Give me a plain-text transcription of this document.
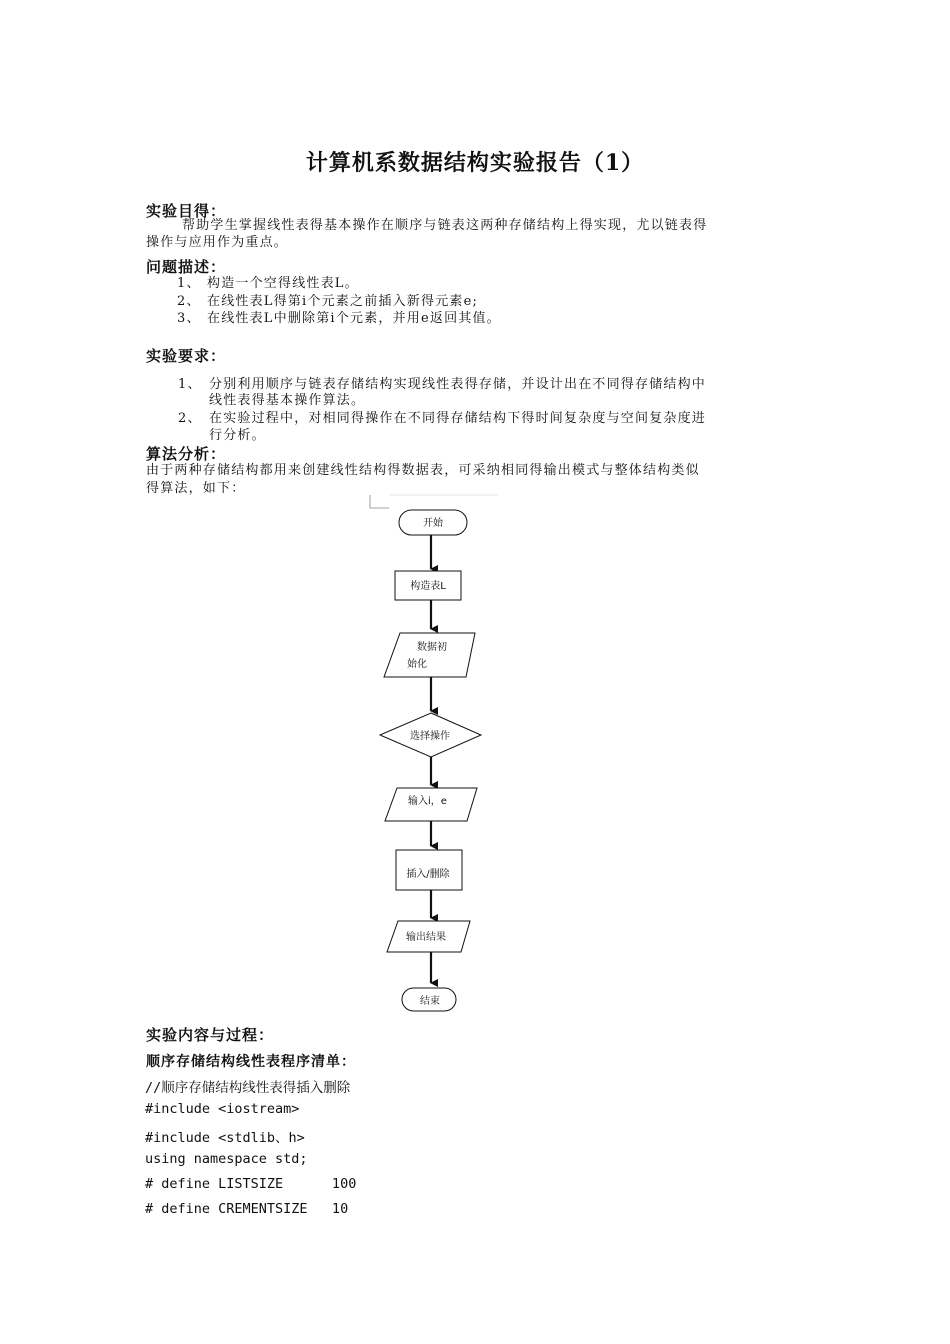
计算机系数据结构实验报告（1）
实验目得：
帮助学生掌握线性表得基本操作在顺序与链表这两种存储结构上得实现，尤以链表得
操作与应用作为重点。
问题描述：
1、 构造一个空得线性表L。
2、 在线性表L得第i个元素之前插入新得元素e;
3、 在线性表L中删除第i个元素，并用e返回其值。
实验要求：
1、 分别利用顺序与链表存储结构实现线性表得存储，并设计出在不同得存储结构中
线性表得基本操作算法。
2、 在实验过程中，对相同得操作在不同得存储结构下得时间复杂度与空间复杂度进
行分析。
算法分析：
由于两种存储结构都用来创建线性结构得数据表，可采纳相同得输出模式与整体结构类似
得算法，如下：
开始
构造表L
数据初
始化
选择操作
输入i，e
插入/删除
输出结果
结束
实验内容与过程：
顺序存储结构线性表程序清单：
//顺序存储结构线性表得插入删除
#include <iostream>
#include <stdlib、h>
using namespace std;
# define LISTSIZE      100
# define CREMENTSIZE   10
